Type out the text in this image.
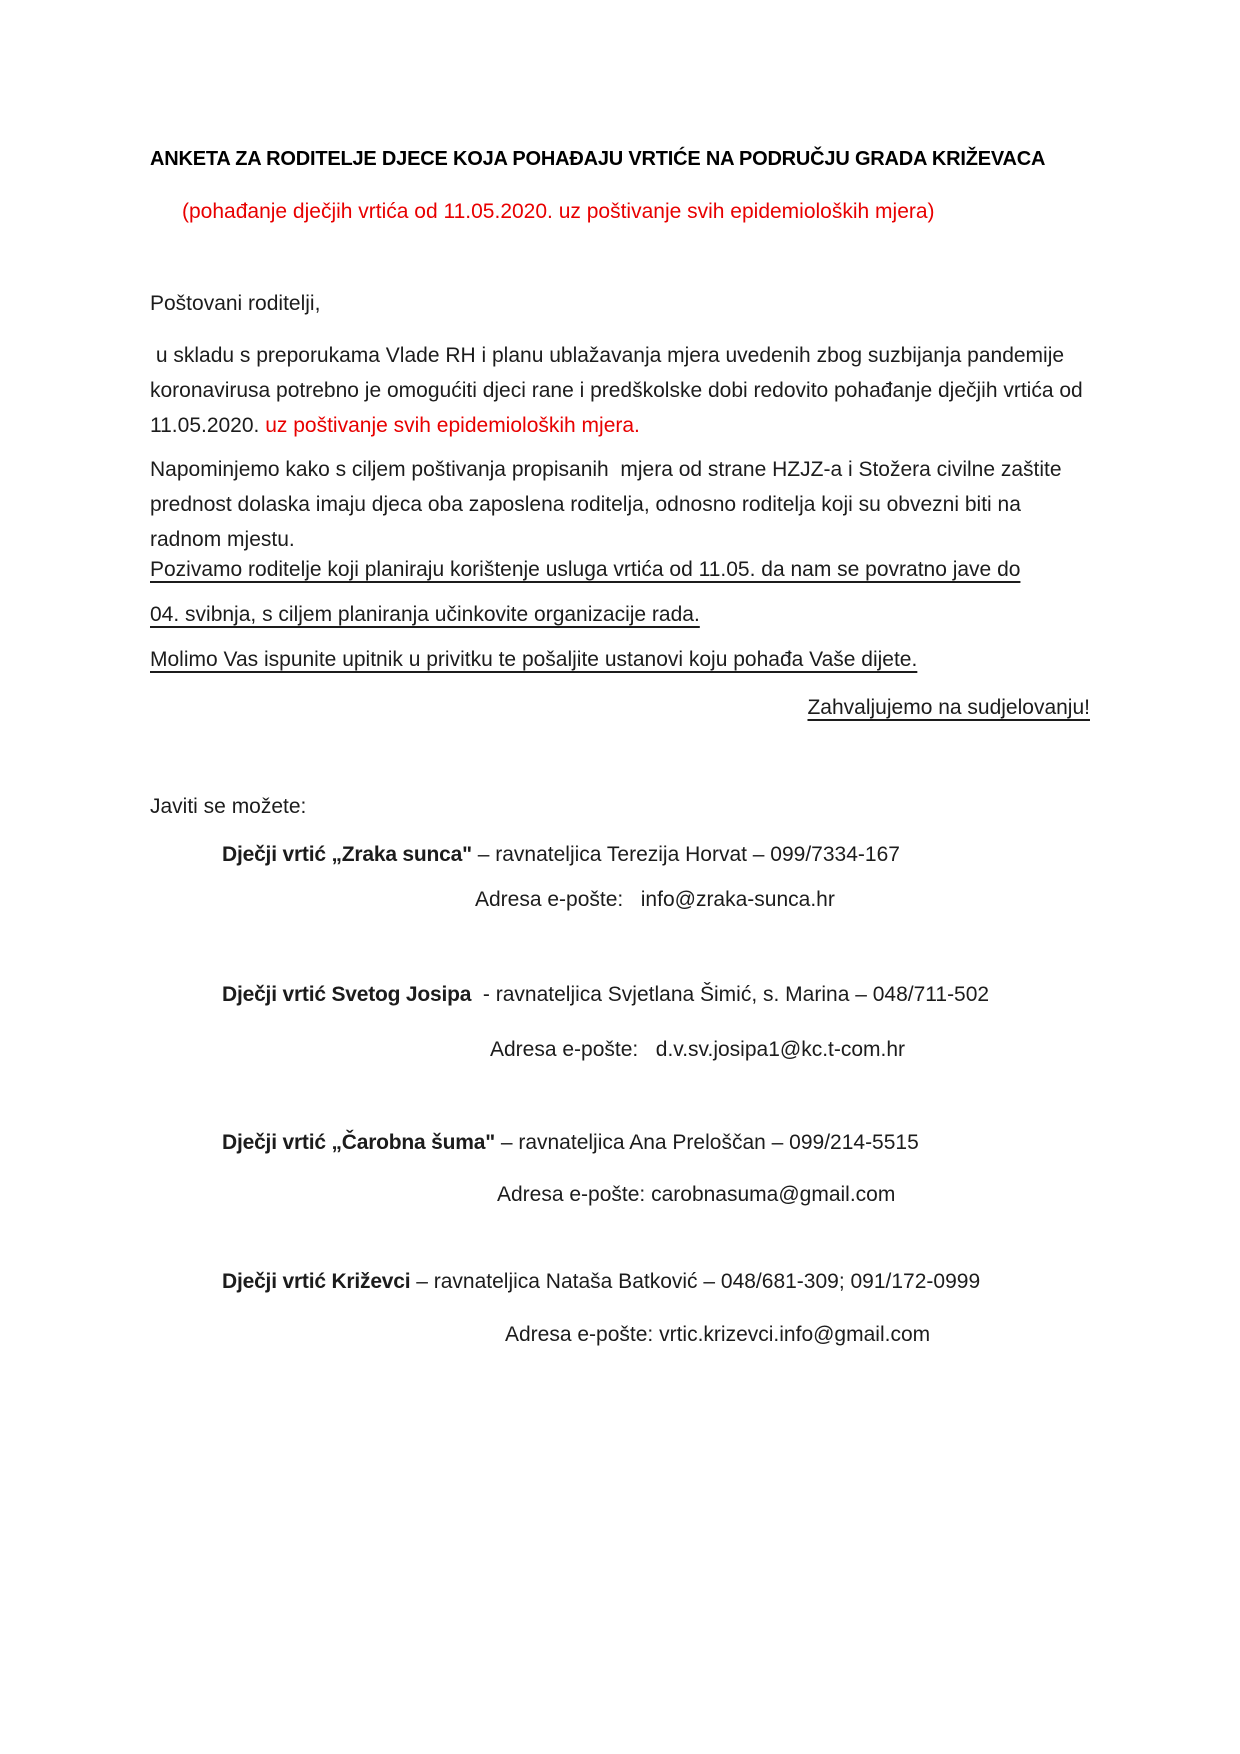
ANKETA ZA RODITELJE DJECE KOJA POHAĐAJU VRTIĆE NA PODRUČJU GRADA KRIŽEVACA
(pohađanje dječjih vrtića od 11.05.2020. uz poštivanje svih epidemioloških mjera)
Poštovani roditelji,
u skladu s preporukama Vlade RH i planu ublažavanja mjera uvedenih zbog suzbijanja pandemije koronavirusa potrebno je omogućiti djeci rane i predškolske dobi redovito pohađanje dječjih vrtića od 11.05.2020. uz poštivanje svih epidemioloških mjera.
Napominjemo kako s ciljem poštivanja propisanih  mjera od strane HZJZ-a i Stožera civilne zaštite prednost dolaska imaju djeca oba zaposlena roditelja, odnosno roditelja koji su obvezni biti na radnom mjestu.
Pozivamo roditelje koji planiraju korištenje usluga vrtića od 11.05. da nam se povratno jave do
04. svibnja, s ciljem planiranja učinkovite organizacije rada.
Molimo Vas ispunite upitnik u privitku te pošaljite ustanovi koju pohađa Vaše dijete.
Zahvaljujemo na sudjelovanju!
Javiti se možete:
Dječji vrtić „Zraka sunca" – ravnateljica Terezija Horvat – 099/7334-167
Adresa e-pošte:   info@zraka-sunca.hr
Dječji vrtić Svetog Josipa  - ravnateljica Svjetlana Šimić, s. Marina – 048/711-502
Adresa e-pošte:   d.v.sv.josipa1@kc.t-com.hr
Dječji vrtić „Čarobna šuma" – ravnateljica Ana Preloščan – 099/214-5515
Adresa e-pošte: carobnasuma@gmail.com
Dječji vrtić Križevci – ravnateljica Nataša Batković – 048/681-309; 091/172-0999
Adresa e-pošte: vrtic.krizevci.info@gmail.com
